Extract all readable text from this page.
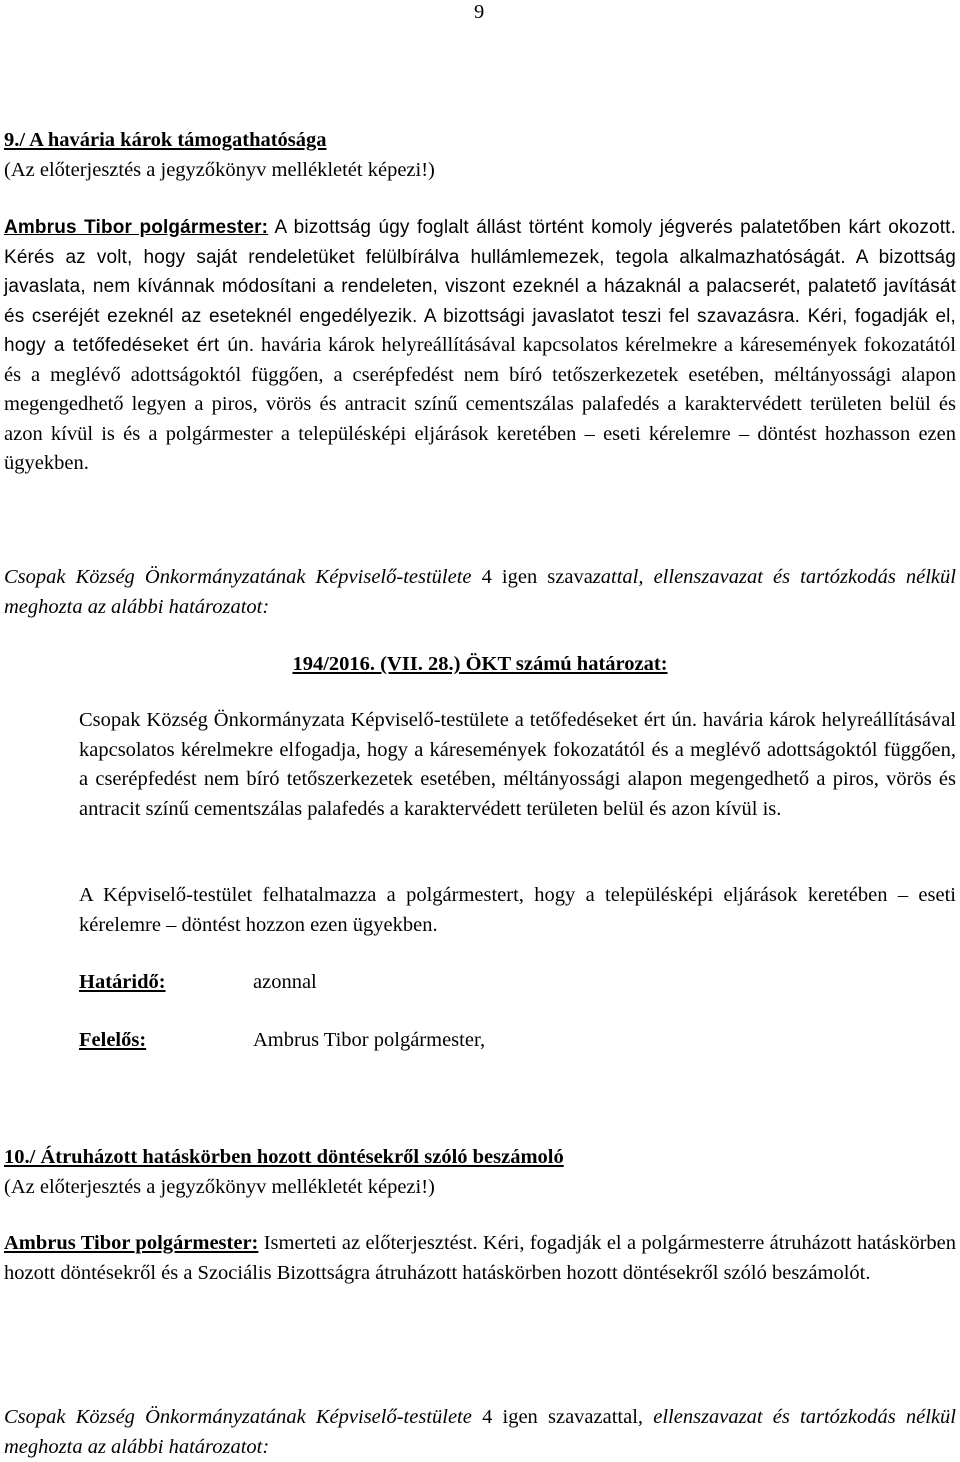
9

9./ A havária károk támogathatósága

(Az előterjesztés a jegyzőkönyv mellékletét képezi!)

Ambrus Tibor polgármester: A bizottság úgy foglalt állást történt komoly jégverés palatetőben kárt okozott. Kérés az volt, hogy saját rendeletüket felülbírálva hullámlemezek, tegola alkalmazhatóságát. A bizottság javaslata, nem kívánnak módosítani a rendeleten, viszont ezeknél a házaknál a palacserét, palatető javítását és cseréjét ezeknél az eseteknél engedélyezik. A bizottsági javaslatot teszi fel szavazásra. Kéri, fogadják el, hogy a tetőfedéseket ért ún. havária károk helyreállításával kapcsolatos kérelmekre a káresemények fokozatától és a meglévő adottságoktól függően, a cserépfedést nem bíró tetőszerkezetek esetében, méltányossági alapon megengedhető legyen a piros, vörös és antracit színű cementszálas palafedés a karaktervédett területen belül és azon kívül is és a polgármester a településképi eljárások keretében – eseti kérelemre – döntést hozhasson ezen ügyekben.
Csopak Község Önkormányzatának Képviselő-testülete 4 igen szavazattal, ellenszavazat és tartózkodás nélkül meghozta az alábbi határozatot:
194/2016. (VII. 28.) ÖKT számú határozat:
Csopak Község Önkormányzata Képviselő-testülete a tetőfedéseket ért ún. havária károk helyreállításával kapcsolatos kérelmekre elfogadja, hogy a káresemények fokozatától és a meglévő adottságoktól függően, a cserépfedést nem bíró tetőszerkezetek esetében, méltányossági alapon megengedhető a piros, vörös és antracit színű cementszálas palafedés a karaktervédett területen belül és azon kívül is.
A Képviselő-testület felhatalmazza a polgármestert, hogy a településképi eljárások keretében – eseti kérelemre – döntést hozzon ezen ügyekben.
Határidő:	azonnal
Felelős:	Ambrus Tibor polgármester,

10./ Átruházott hatáskörben hozott döntésekről szóló beszámoló

(Az előterjesztés a jegyzőkönyv mellékletét képezi!)

Ambrus Tibor polgármester: Ismerteti az előterjesztést. Kéri, fogadják el a polgármesterre átruházott hatáskörben hozott döntésekről és a Szociális Bizottságra átruházott hatáskörben hozott döntésekről szóló beszámolót.
Csopak Község Önkormányzatának Képviselő-testülete 4 igen szavazattal, ellenszavazat és tartózkodás nélkül meghozta az alábbi határozatot:
